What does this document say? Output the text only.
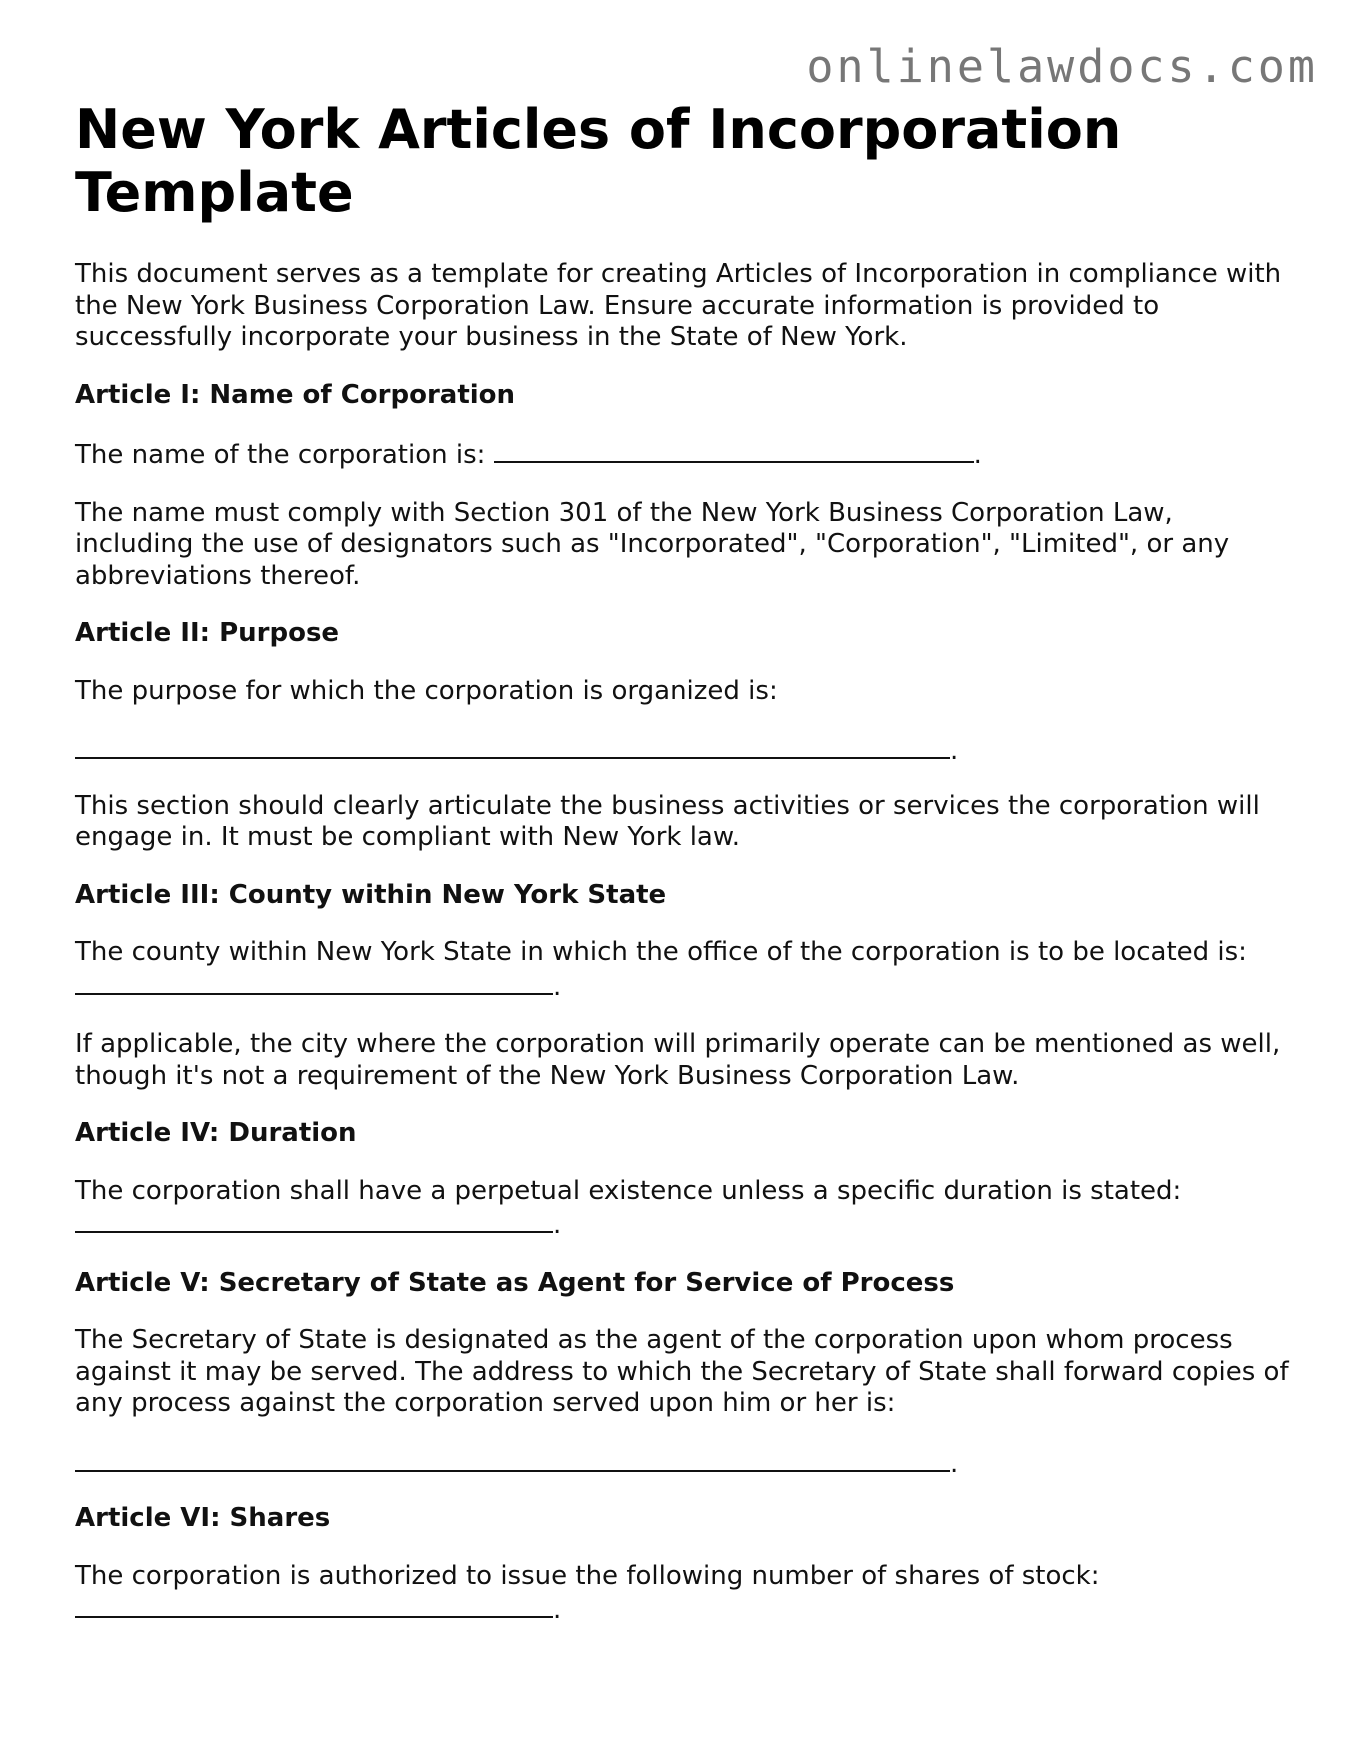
onlinelawdocs.com
New York Articles of Incorporation Template

This document serves as a template for creating Articles of Incorporation in compliance with the New York Business Corporation Law. Ensure accurate information is provided to successfully incorporate your business in the State of New York.

Article I: Name of Corporation

The name of the corporation is:	.

The name must comply with Section 301 of the New York Business Corporation Law, including the use of designators such as "Incorporated", "Corporation", "Limited", or any abbreviations thereof.

Article II: Purpose

The purpose for which the corporation is organized is:

.

This section should clearly articulate the business activities or services the corporation will engage in. It must be compliant with New York law.

Article III: County within New York State

The county within New York State in which the office of the corporation is to be located is:

.

If applicable, the city where the corporation will primarily operate can be mentioned as well, though it's not a requirement of the New York Business Corporation Law.

Article IV: Duration

The corporation shall have a perpetual existence unless a specific duration is stated:

.

Article V: Secretary of State as Agent for Service of Process

The Secretary of State is designated as the agent of the corporation upon whom process against it may be served. The address to which the Secretary of State shall forward copies of any process against the corporation served upon him or her is:

.

Article VI: Shares

The corporation is authorized to issue the following number of shares of stock:

.
